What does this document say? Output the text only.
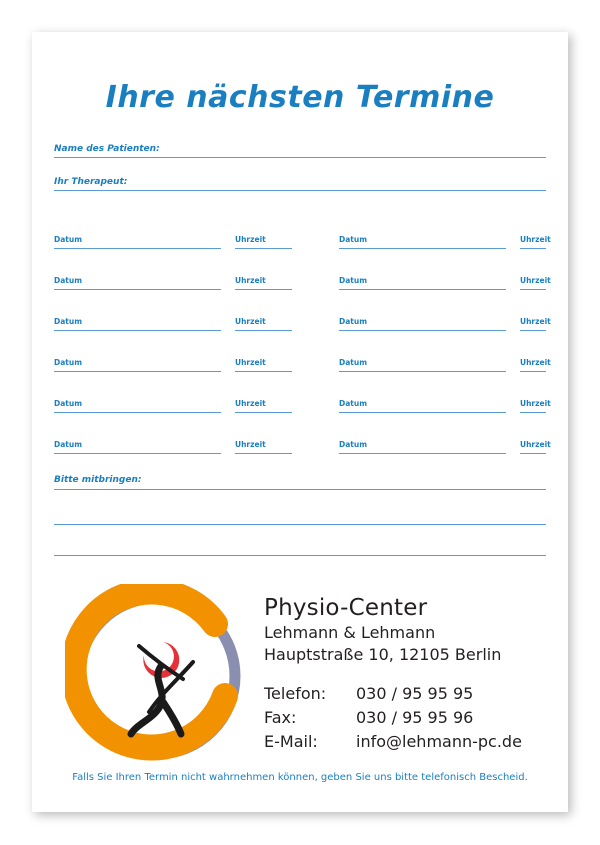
Ihre nächsten Termine
Name des Patienten:
Ihr Therapeut:
Datum	Uhrzeit	Datum	Uhrzeit
Datum	Uhrzeit	Datum	Uhrzeit
Datum	Uhrzeit	Datum	Uhrzeit
Datum	Uhrzeit	Datum	Uhrzeit
Datum	Uhrzeit	Datum	Uhrzeit
Datum	Uhrzeit	Datum	Uhrzeit
Bitte mitbringen:
Physio-Center
Lehmann & Lehmann
Hauptstraße 10, 12105 Berlin
Telefon:	030 / 95 95 95
Fax:	030 / 95 95 96
E-Mail:	info@lehmann-pc.de
Falls Sie Ihren Termin nicht wahrnehmen können, geben Sie uns bitte telefonisch Bescheid.
